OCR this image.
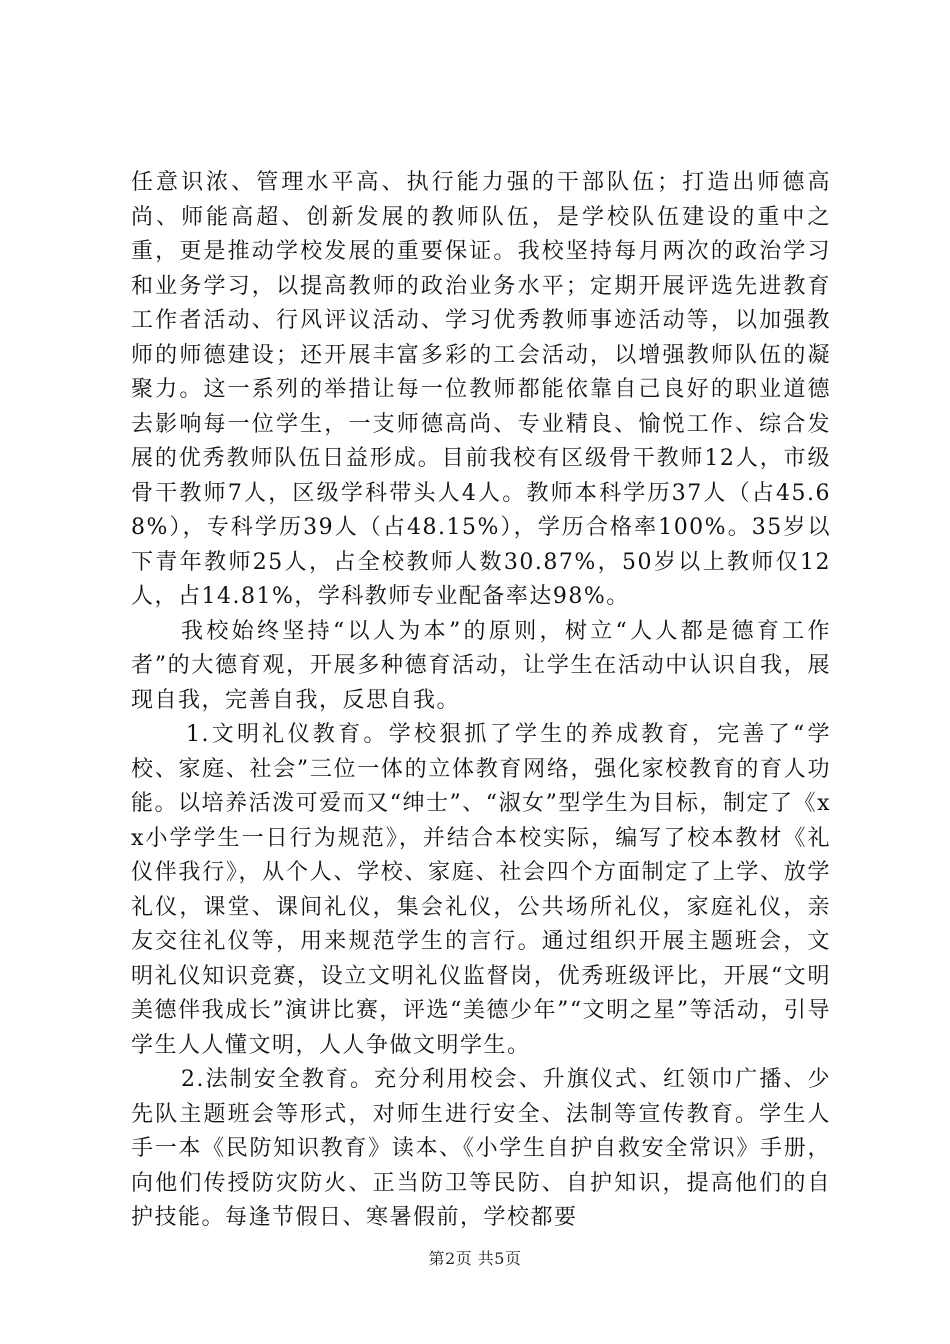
任意识浓、管理水平高、执行能力强的干部队伍；打造出师德高尚、师能高超、创新发展的教师队伍，是学校队伍建设的重中之重，更是推动学校发展的重要保证。我校坚持每月两次的政治学习和业务学习，以提高教师的政治业务水平；定期开展评选先进教育工作者活动、行风评议活动、学习优秀教师事迹活动等，以加强教师的师德建设；还开展丰富多彩的工会活动，以增强教师队伍的凝聚力。这一系列的举措让每一位教师都能依靠自己良好的职业道德去影响每一位学生，一支师德高尚、专业精良、愉悦工作、综合发展的优秀教师队伍日益形成。目前我校有区级骨干教师12人，市级骨干教师7人，区级学科带头人4人。教师本科学历37人（占45.68%），专科学历39人（占48.15%），学历合格率100%。35岁以下青年教师25人，占全校教师人数30.87%，50岁以上教师仅12人，占14.81%，学科教师专业配备率达98%。

我校始终坚持“以人为本”的原则，树立“人人都是德育工作者”的大德育观，开展多种德育活动，让学生在活动中认识自我，展现自我，完善自我，反思自我。

1.文明礼仪教育。学校狠抓了学生的养成教育，完善了“学校、家庭、社会”三位一体的立体教育网络，强化家校教育的育人功能。以培养活泼可爱而又“绅士”、“淑女”型学生为目标，制定了《xx小学学生一日行为规范》，并结合本校实际，编写了校本教材《礼仪伴我行》，从个人、学校、家庭、社会四个方面制定了上学、放学礼仪，课堂、课间礼仪，集会礼仪，公共场所礼仪，家庭礼仪，亲友交往礼仪等，用来规范学生的言行。通过组织开展主题班会，文明礼仪知识竞赛，设立文明礼仪监督岗，优秀班级评比，开展“文明美德伴我成长”演讲比赛，评选“美德少年”“文明之星”等活动，引导学生人人懂文明，人人争做文明学生。

2.法制安全教育。充分利用校会、升旗仪式、红领巾广播、少先队主题班会等形式，对师生进行安全、法制等宣传教育。学生人手一本《民防知识教育》读本、《小学生自护自救安全常识》手册，向他们传授防灾防火、正当防卫等民防、自护知识，提高他们的自护技能。每逢节假日、寒暑假前，学校都要

第2页 共5页
